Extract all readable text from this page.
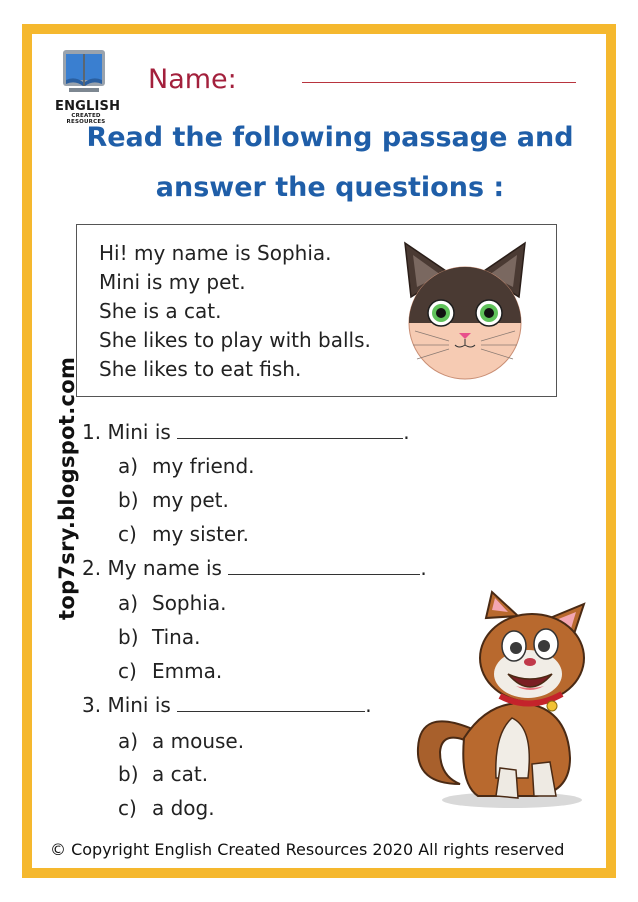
ENGLISH
CREATED RESOURCES
Name:
Read the following passage and
answer the questions :
Hi! my name is Sophia.
Mini is my pet.
She is a cat.
She likes to play with balls.
She likes to eat fish.
top7sry.blogspot.com 1. Mini is	.
a) my friend.
b) my pet.
c) my sister.
2. My name is	.
a) Sophia.
b) Tina.
c) Emma.
3. Mini is	.
a) a mouse.
b) a cat.
c) a dog.
© Copyright English Created Resources 2020 All rights reserved
